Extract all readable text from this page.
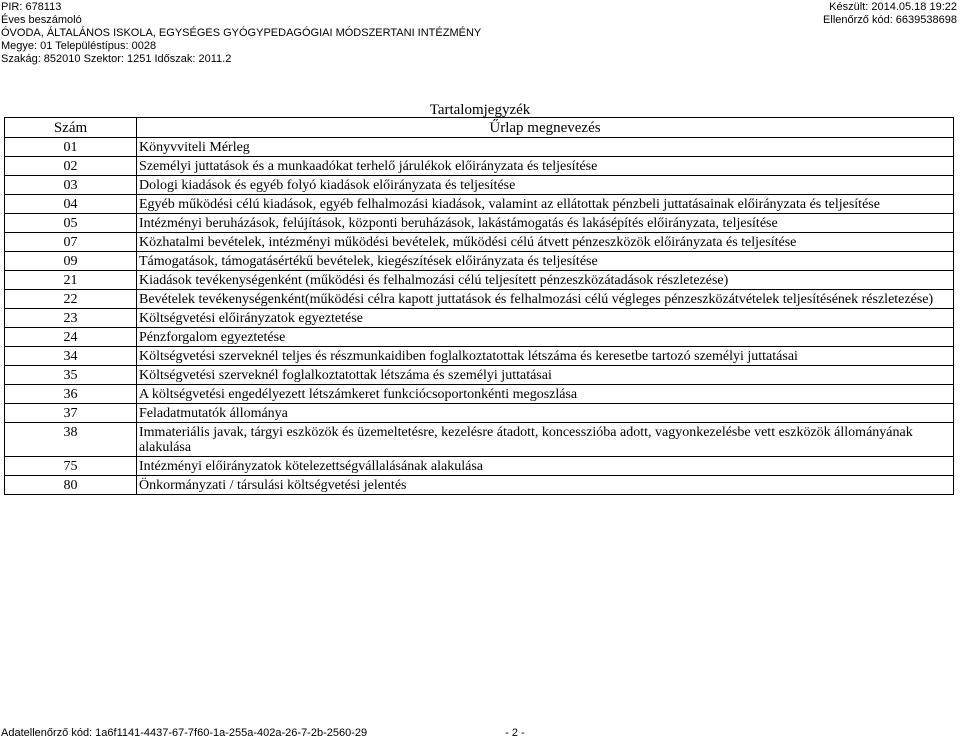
PIR: 678113
Éves beszámoló
ÓVODA, ÁLTALÁNOS ISKOLA, EGYSÉGES GYÓGYPEDAGÓGIAI MÓDSZERTANI INTÉZMÉNY
Megye: 01 Településtípus: 0028
Szakág: 852010 Szektor: 1251 Időszak: 2011.2
Készült: 2014.05.18 19:22
Ellenőrző kód: 6639538698
Tartalomjegyzék
Szám	Űrlap megnevezés
01	Könyvviteli Mérleg
02	Személyi juttatások és a munkaadókat terhelő járulékok előirányzata és teljesítése
03	Dologi kiadások és egyéb folyó kiadások előirányzata és teljesítése
04	Egyéb működési célú kiadások, egyéb felhalmozási kiadások, valamint az ellátottak pénzbeli juttatásainak előirányzata és teljesítése
05	Intézményi beruházások, felújítások, központi beruházások, lakástámogatás és lakásépítés előirányzata, teljesítése
07	Közhatalmi bevételek, intézményi működési bevételek, működési célú átvett pénzeszközök előirányzata és teljesítése
09	Támogatások, támogatásértékű bevételek, kiegészítések előirányzata és teljesítése
21	Kiadások tevékenységenként (működési és felhalmozási célú teljesített pénzeszközátadások részletezése)
22	Bevételek tevékenységenként(működési célra kapott juttatások és felhalmozási célú végleges pénzeszközátvételek teljesítésének részletezése)
23	Költségvetési előirányzatok egyeztetése
24	Pénzforgalom egyeztetése
34	Költségvetési szerveknél teljes és részmunkaidiben foglalkoztatottak létszáma és keresetbe tartozó személyi juttatásai
35	Költségvetési szerveknél foglalkoztatottak létszáma és személyi juttatásai
36	A költségvetési engedélyezett létszámkeret funkciócsoportonkénti megoszlása
37	Feladatmutatók állománya
38	Immateriális javak, tárgyi eszközök és üzemeltetésre, kezelésre átadott, koncesszióba adott, vagyonkezelésbe vett eszközök állományának alakulása
75	Intézményi előirányzatok kötelezettségvállalásának alakulása
80	Önkormányzati / társulási költségvetési jelentés
Adatellenőrző kód: 1a6f1141-4437-67-7f60-1a-255a-402a-26-7-2b-2560-29	- 2 -
